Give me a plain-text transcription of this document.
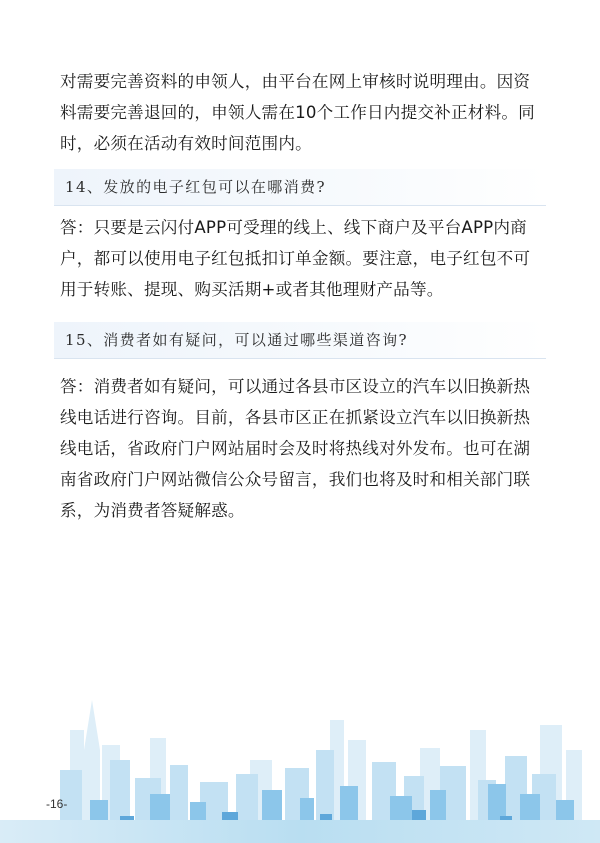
对需要完善资料的申领人，由平台在网上审核时说明理由。因资
料需要完善退回的，申领人需在10个工作日内提交补正材料。同
时，必须在活动有效时间范围内。

14、发放的电子红包可以在哪消费?

答：只要是云闪付APP可受理的线上、线下商户及平台APP内商
户，都可以使用电子红包抵扣订单金额。要注意，电子红包不可
用于转账、提现、购买活期+或者其他理财产品等。

15、消费者如有疑问，可以通过哪些渠道咨询?

答：消费者如有疑问，可以通过各县市区设立的汽车以旧换新热
线电话进行咨询。目前，各县市区正在抓紧设立汽车以旧换新热
线电话，省政府门户网站届时会及时将热线对外发布。也可在湖
南省政府门户网站微信公众号留言，我们也将及时和相关部门联
系，为消费者答疑解惑。

-16-
